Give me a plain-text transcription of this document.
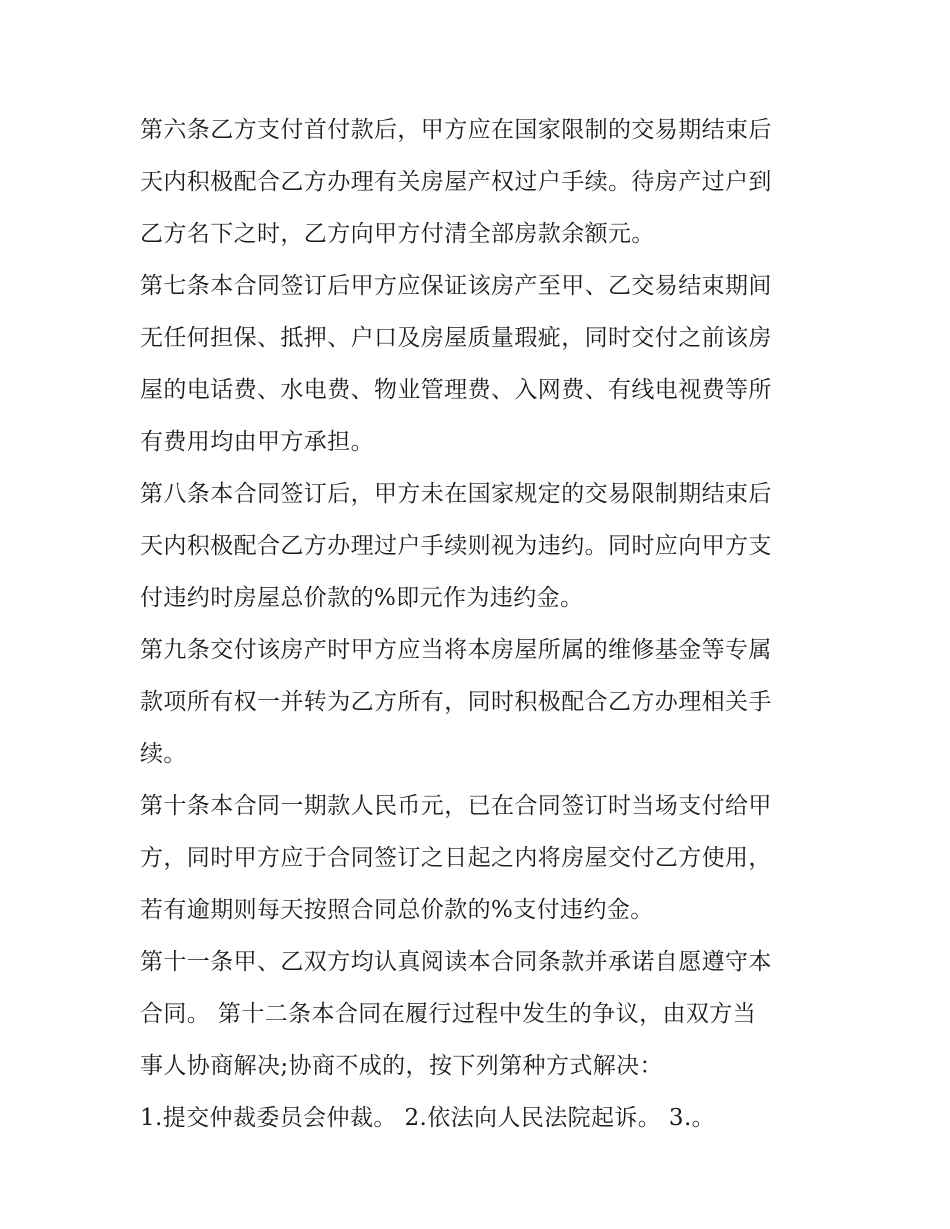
第六条乙方支付首付款后，甲方应在国家限制的交易期结束后
天内积极配合乙方办理有关房屋产权过户手续。待房产过户到
乙方名下之时，乙方向甲方付清全部房款余额元。
第七条本合同签订后甲方应保证该房产至甲、乙交易结束期间
无任何担保、抵押、户口及房屋质量瑕疵，同时交付之前该房
屋的电话费、水电费、物业管理费、入网费、有线电视费等所
有费用均由甲方承担。
第八条本合同签订后，甲方未在国家规定的交易限制期结束后
天内积极配合乙方办理过户手续则视为违约。同时应向甲方支
付违约时房屋总价款的%即元作为违约金。
第九条交付该房产时甲方应当将本房屋所属的维修基金等专属
款项所有权一并转为乙方所有，同时积极配合乙方办理相关手
续。
第十条本合同一期款人民币元，已在合同签订时当场支付给甲
方，同时甲方应于合同签订之日起之内将房屋交付乙方使用，
若有逾期则每天按照合同总价款的%支付违约金。
第十一条甲、乙双方均认真阅读本合同条款并承诺自愿遵守本
合同。 第十二条本合同在履行过程中发生的争议，由双方当
事人协商解决;协商不成的，按下列第种方式解决：
1.提交仲裁委员会仲裁。 2.依法向人民法院起诉。 3.。
